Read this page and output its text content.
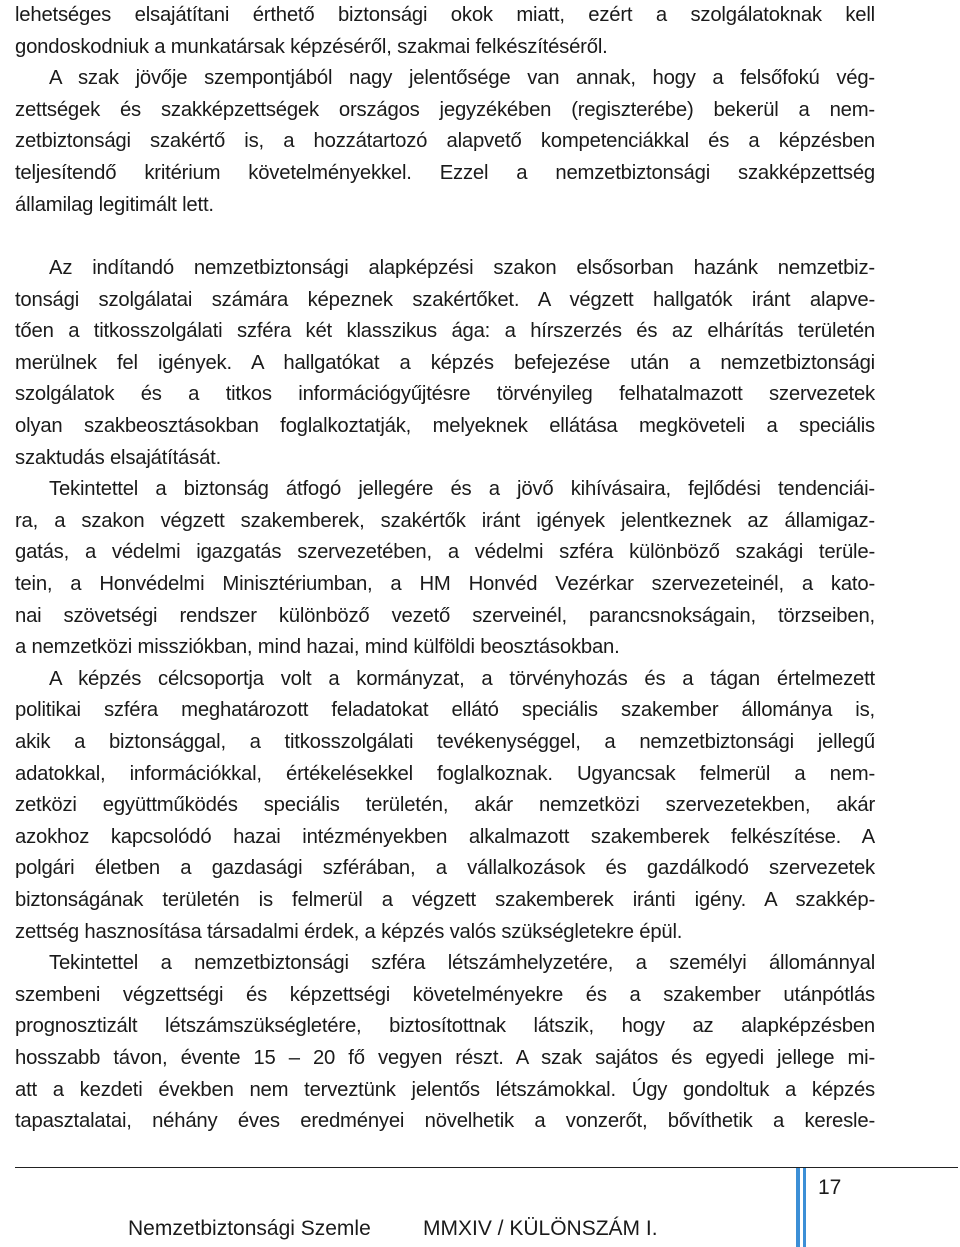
lehetséges elsajátítani érthető biztonsági okok miatt, ezért a szolgálatoknak kell
gondoskodniuk a munkatársak képzéséről, szakmai felkészítéséről.
A szak jövője szempontjából nagy jelentősége van annak, hogy a felsőfokú vég-
zettségek és szakképzettségek országos jegyzékében (regiszterébe) bekerül a nem-
zetbiztonsági szakértő is, a hozzátartozó alapvető kompetenciákkal és a képzésben
teljesítendő kritérium követelményekkel. Ezzel a nemzetbiztonsági szakképzettség
államilag legitimált lett.
Az indítandó nemzetbiztonsági alapképzési szakon elsősorban hazánk nemzetbiz-
tonsági szolgálatai számára képeznek szakértőket. A végzett hallgatók iránt alapve-
tően a titkosszolgálati szféra két klasszikus ága: a hírszerzés és az elhárítás területén
merülnek fel igények. A hallgatókat a képzés befejezése után a nemzetbiztonsági
szolgálatok és a titkos információgyűjtésre törvényileg felhatalmazott szervezetek
olyan szakbeosztásokban foglalkoztatják, melyeknek ellátása megköveteli a speciális
szaktudás elsajátítását.
Tekintettel a biztonság átfogó jellegére és a jövő kihívásaira, fejlődési tendenciái-
ra, a szakon végzett szakemberek, szakértők iránt igények jelentkeznek az államigaz-
gatás, a védelmi igazgatás szervezetében, a védelmi szféra különböző szakági terüle-
tein, a Honvédelmi Minisztériumban, a HM Honvéd Vezérkar szervezeteinél, a kato-
nai szövetségi rendszer különböző vezető szerveinél, parancsnokságain, törzseiben,
a nemzetközi missziókban, mind hazai, mind külföldi beosztásokban.
A képzés célcsoportja volt a kormányzat, a törvényhozás és a tágan értelmezett
politikai szféra meghatározott feladatokat ellátó speciális szakember állománya is,
akik a biztonsággal, a titkosszolgálati tevékenységgel, a nemzetbiztonsági jellegű
adatokkal, információkkal, értékelésekkel foglalkoznak. Ugyancsak felmerül a nem-
zetközi együttműködés speciális területén, akár nemzetközi szervezetekben, akár
azokhoz kapcsolódó hazai intézményekben alkalmazott szakemberek felkészítése. A
polgári életben a gazdasági szférában, a vállalkozások és gazdálkodó szervezetek
biztonságának területén is felmerül a végzett szakemberek iránti igény. A szakkép-
zettség hasznosítása társadalmi érdek, a képzés valós szükségletekre épül.
Tekintettel a nemzetbiztonsági szféra létszámhelyzetére, a személyi állománnyal
szembeni végzettségi és képzettségi követelményekre és a szakember utánpótlás
prognosztizált létszámszükségletére, biztosítottnak látszik, hogy az alapképzésben
hosszabb távon, évente 15 – 20 fő vegyen részt. A szak sajátos és egyedi jellege mi-
att a kezdeti években nem terveztünk jelentős létszámokkal. Úgy gondoltuk a képzés
tapasztalatai, néhány éves eredményei növelhetik a vonzerőt, bővíthetik a keresle-
17
Nemzetbiztonsági Szemle MMXIV / KÜLÖNSZÁM I.
